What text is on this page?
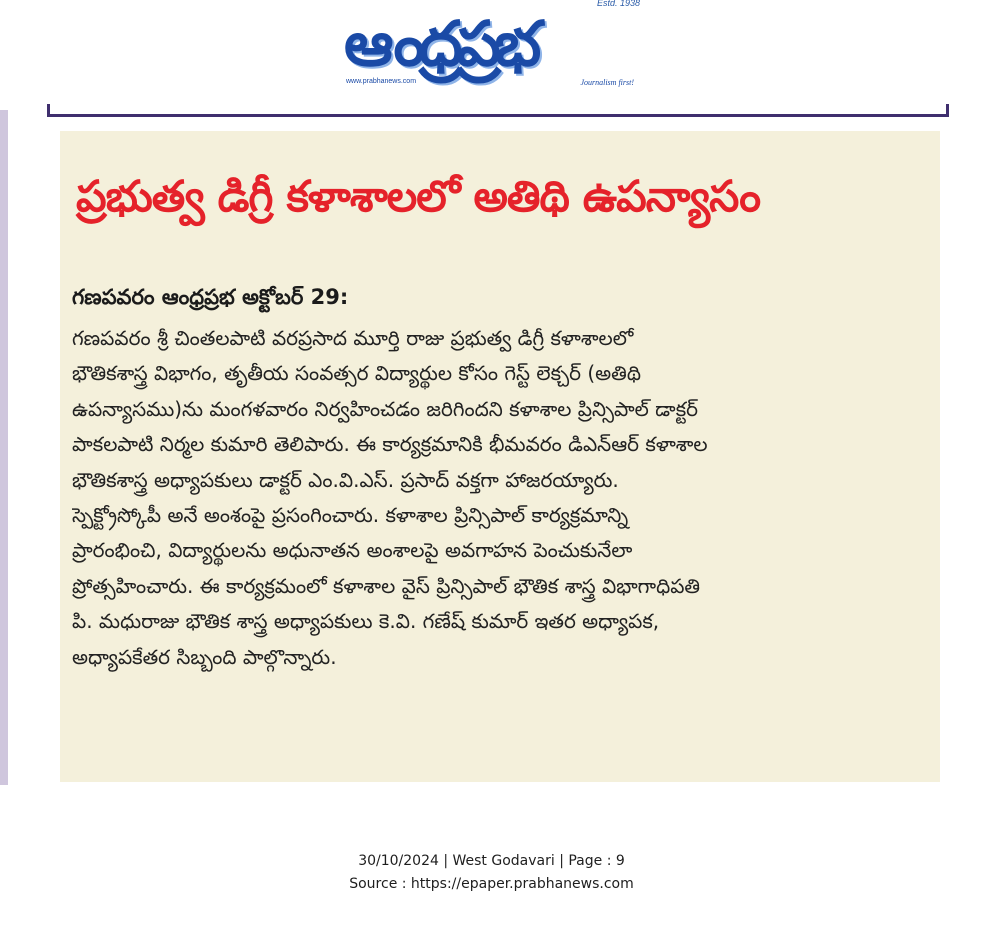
Estd. 1938
ఆంధ్రప్రభ
www.prabhanews.com	Journalism first!
ప్రభుత్వ డిగ్రీ కళాశాలలో అతిథి ఉపన్యాసం
గణపవరం ఆంధ్రప్రభ అక్టోబర్ 29:
గణపవరం శ్రీ చింతలపాటి వరప్రసాద మూర్తి రాజు ప్రభుత్వ డిగ్రీ కళాశాలలో
భౌతికశాస్త్ర విభాగం, తృతీయ సంవత్సర విద్యార్థుల కోసం గెస్ట్ లెక్చర్ (అతిథి
ఉపన్యాసము)ను మంగళవారం నిర్వహించడం జరిగిందని కళాశాల ప్రిన్సిపాల్ డాక్టర్
పాకలపాటి నిర్మల కుమారి తెలిపారు. ఈ కార్యక్రమానికి భీమవరం డిఎన్ఆర్ కళాశాల
భౌతికశాస్త్ర అధ్యాపకులు డాక్టర్ ఎం.వి.ఎస్. ప్రసాద్ వక్తగా హాజరయ్యారు.
స్పెక్ట్రోస్కోపీ అనే అంశంపై ప్రసంగించారు. కళాశాల ప్రిన్సిపాల్ కార్యక్రమాన్ని
ప్రారంభించి, విద్యార్థులను అధునాతన అంశాలపై అవగాహన పెంచుకునేలా
ప్రోత్సహించారు. ఈ కార్యక్రమంలో కళాశాల వైస్ ప్రిన్సిపాల్ భౌతిక శాస్త్ర విభాగాధిపతి
పి. మధురాజు భౌతిక శాస్త్ర అధ్యాపకులు కె.వి. గణేష్ కుమార్ ఇతర అధ్యాపక,
అధ్యాపకేతర సిబ్బంది పాల్గొన్నారు.
30/10/2024 | West Godavari | Page : 9
Source : https://epaper.prabhanews.com
